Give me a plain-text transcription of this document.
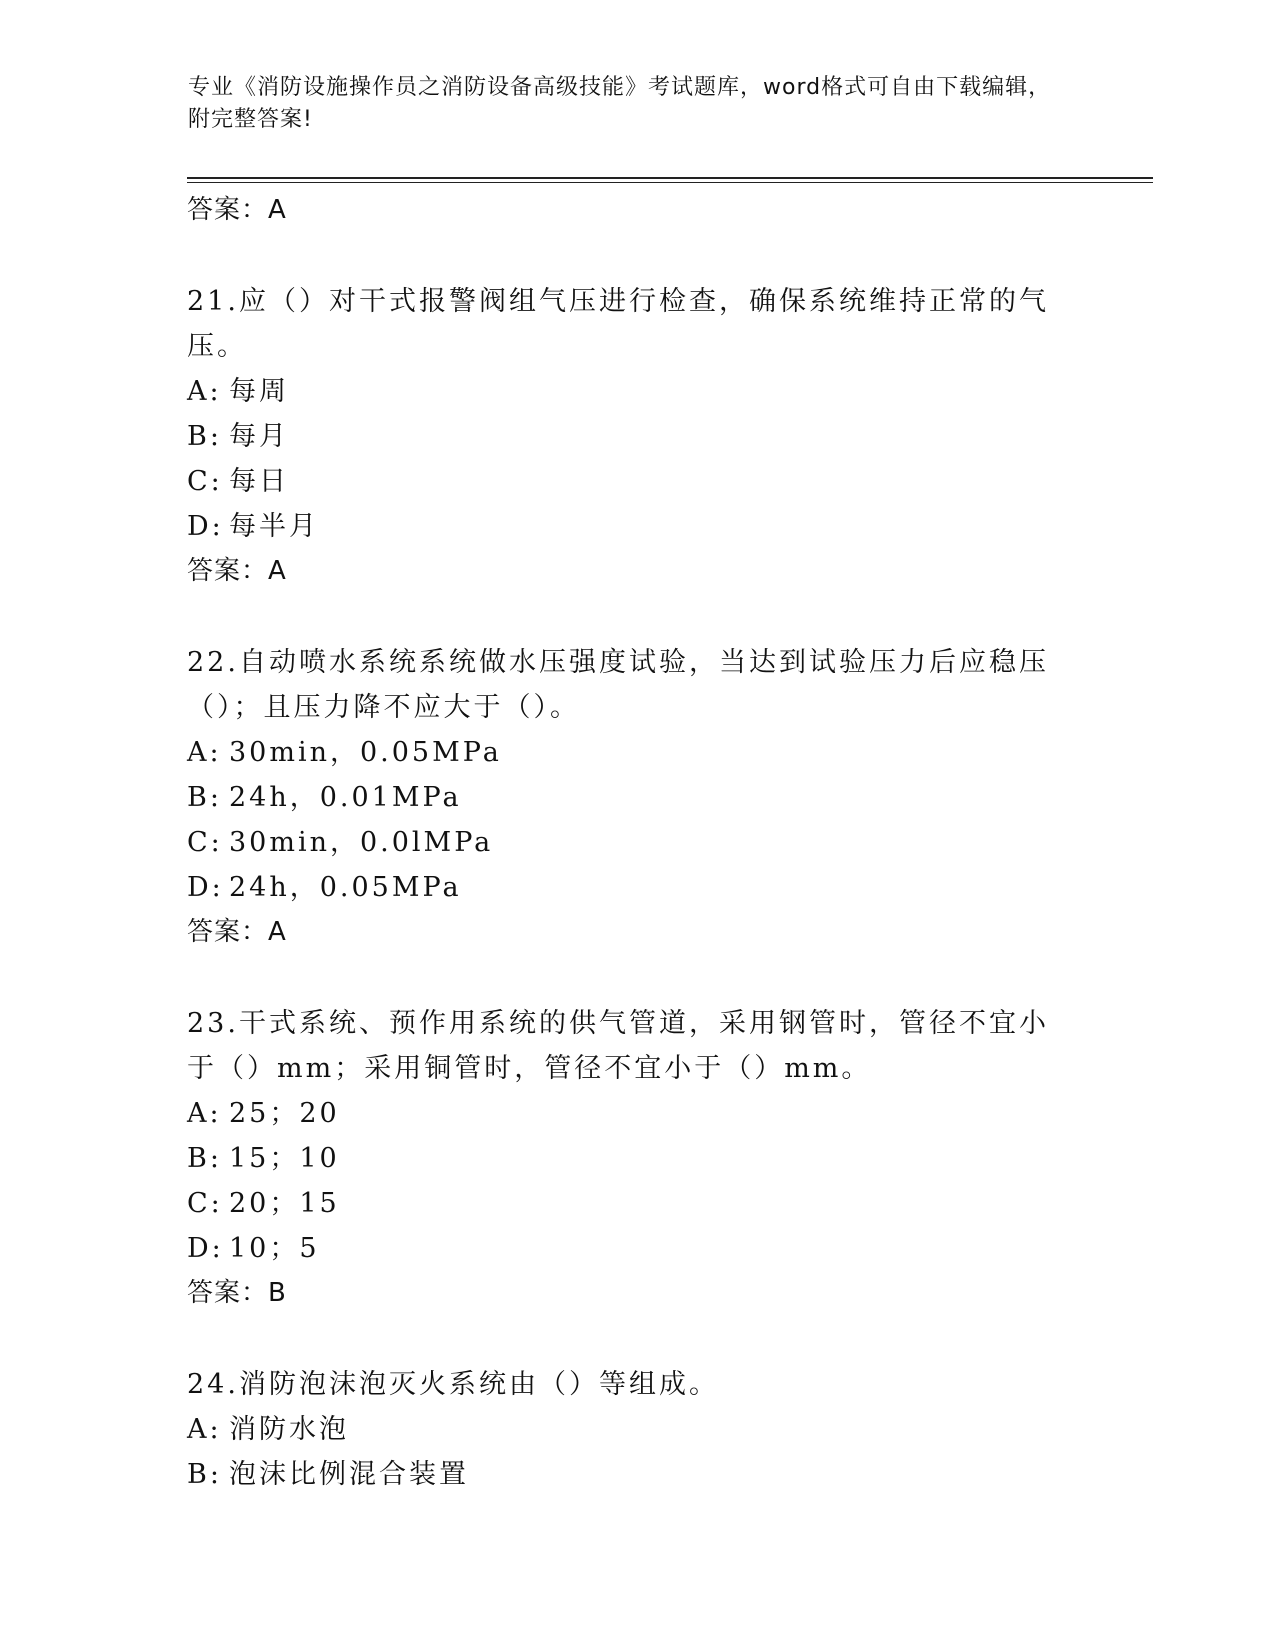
专业《消防设施操作员之消防设备高级技能》考试题库，word格式可自由下载编辑，附完整答案!
答案：A
21.应（）对干式报警阀组气压进行检查，确保系统维持正常的气压。
A: 每周
B: 每月
C: 每日
D: 每半月
答案：A
22.自动喷水系统系统做水压强度试验，当达到试验压力后应稳压（）；且压力降不应大于（）。
A: 30min，0.05MPa
B: 24h，0.01MPa
C: 30min，0.0lMPa
D: 24h，0.05MPa
答案：A
23.干式系统、预作用系统的供气管道，采用钢管时，管径不宜小于（）mm；采用铜管时，管径不宜小于（）mm。
A: 25；20
B: 15；10
C: 20；15
D: 10；5
答案：B
24.消防泡沫泡灭火系统由（）等组成。
A: 消防水泡
B: 泡沫比例混合装置
